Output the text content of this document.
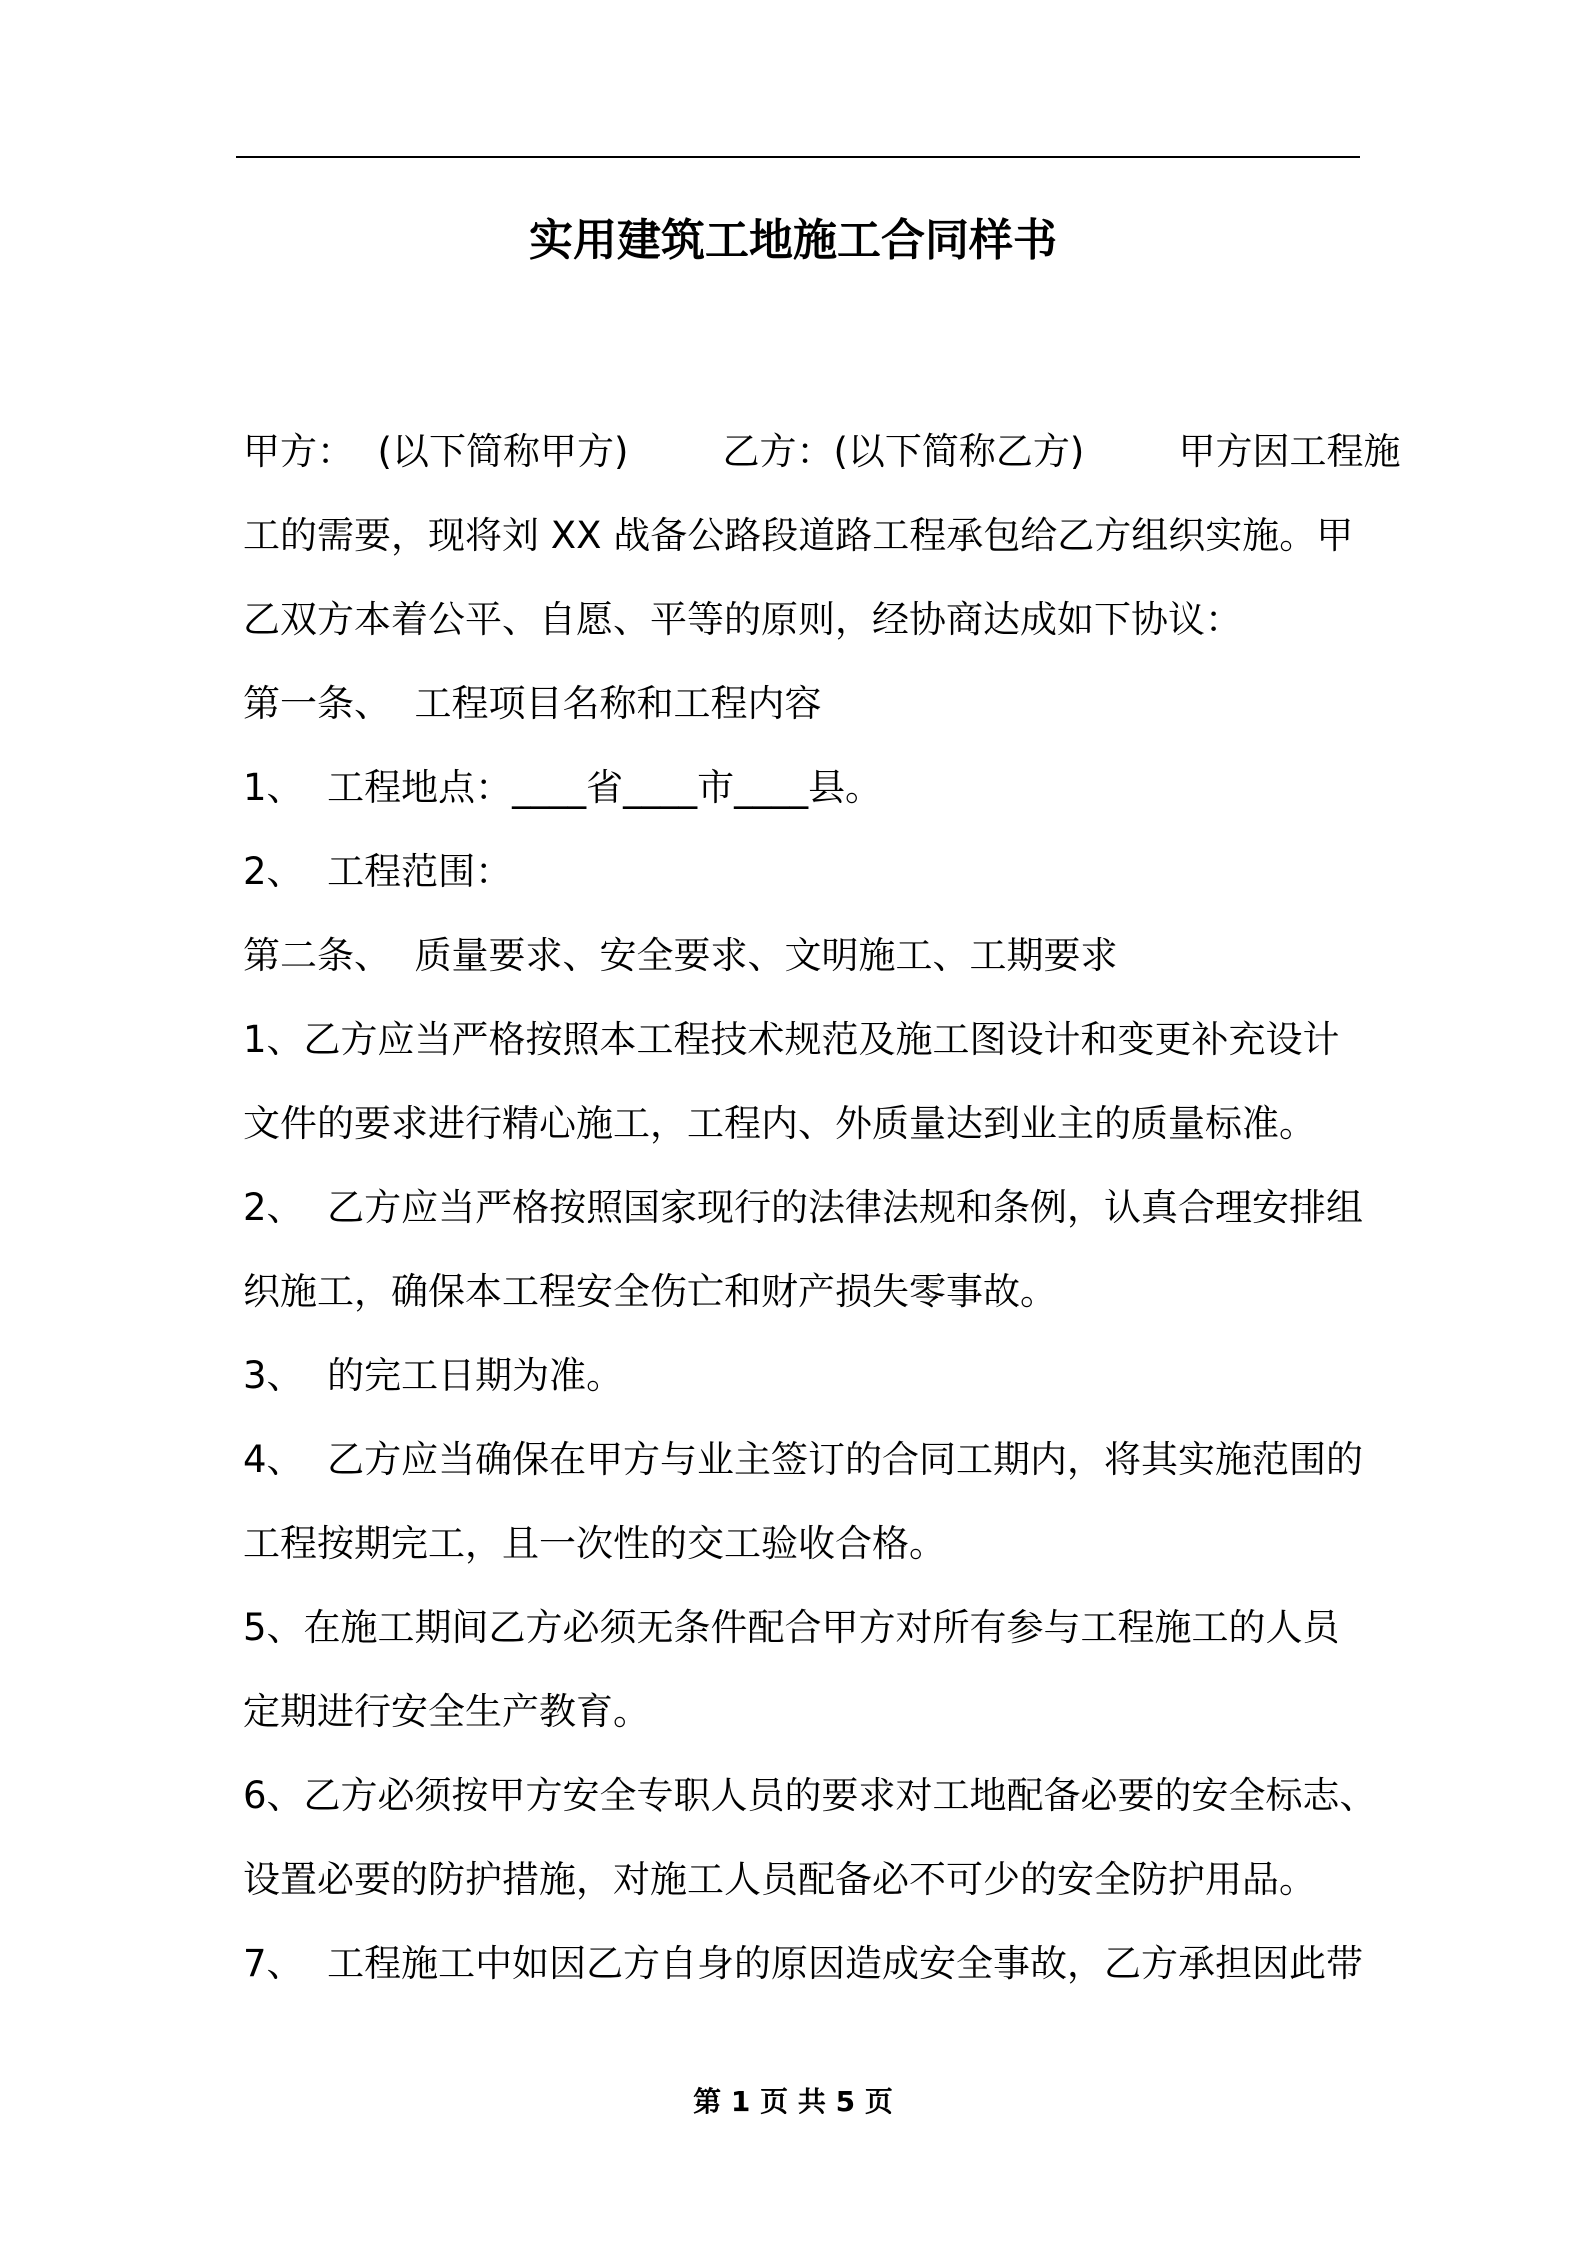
实用建筑工地施工合同样书
甲方：  (以下简称甲方)        乙方：(以下简称乙方)        甲方因工程施
工的需要，现将刘 XX 战备公路段道路工程承包给乙方组织实施。甲
乙双方本着公平、自愿、平等的原则，经协商达成如下协议：
第一条、  工程项目名称和工程内容
1、  工程地点：____省____市____县。
2、  工程范围：
第二条、  质量要求、安全要求、文明施工、工期要求
1、乙方应当严格按照本工程技术规范及施工图设计和变更补充设计
文件的要求进行精心施工，工程内、外质量达到业主的质量标准。
2、  乙方应当严格按照国家现行的法律法规和条例，认真合理安排组
织施工，确保本工程安全伤亡和财产损失零事故。
3、  的完工日期为准。
4、  乙方应当确保在甲方与业主签订的合同工期内，将其实施范围的
工程按期完工，且一次性的交工验收合格。
5、在施工期间乙方必须无条件配合甲方对所有参与工程施工的人员
定期进行安全生产教育。
6、乙方必须按甲方安全专职人员的要求对工地配备必要的安全标志、
设置必要的防护措施，对施工人员配备必不可少的安全防护用品。
7、  工程施工中如因乙方自身的原因造成安全事故，乙方承担因此带
第 1 页 共 5 页
